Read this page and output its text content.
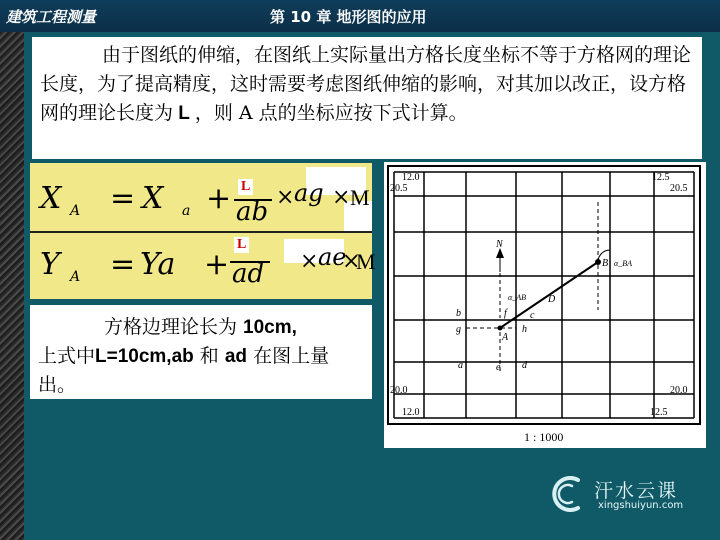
建筑工程测量	第 10 章 地形图的应用
由于图纸的伸缩，在图纸上实际量出方格长度坐标不等于方格网的理论长度，为了提高精度，这时需要考虑图纸伸缩的影响，对其加以改正，设方格网的理论长度为 L ，则 A 点的坐标应按下式计算。
X A = X a + L
ab × ag × M
Y A = Ya +
L
ad × ae
×
M
方格边理论长为 10cm,
上式中L=10cm,ab 和 ad 在图上量出。
12.0
20.5
12.5
20.5
20.0
12.0
20.0
12.5
1 : 1000
N
B α_BA
α_AB D
f c
b
g	h
A
a	e d
汗水云课
xingshuiyun.com
